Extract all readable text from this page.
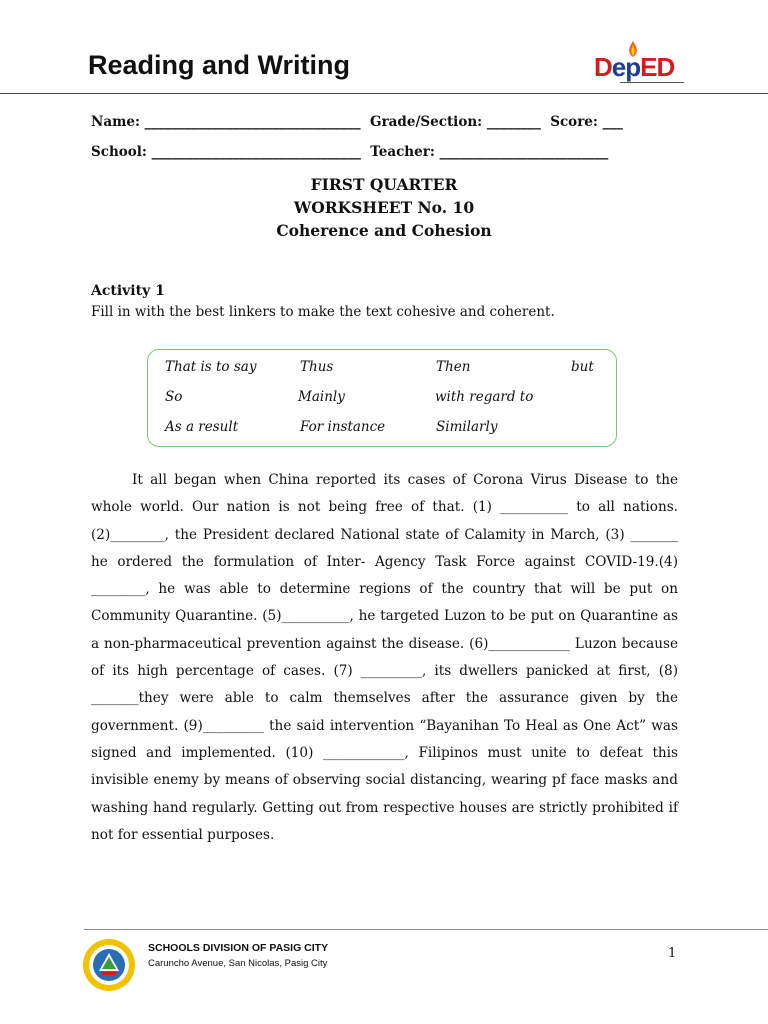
Reading and Writing	DepED
Name: ________________________________  Grade/Section: ________  Score: ___
School: _______________________________  Teacher: _________________________
FIRST QUARTER
WORKSHEET No. 10
Coherence and Cohesion
Activity 1
Fill in with the best linkers to make the text cohesive and coherent.
That is to say	Thus	Then	but
So	Mainly	with regard to
As a result	For instance	Similarly

It all began when China reported its cases of Corona Virus Disease to the whole world. Our nation is not being free of that. (1) __________ to all nations. (2)________, the President declared National state of Calamity in March, (3) _______ he ordered the formulation of Inter- Agency Task Force against COVID-19.(4) ________, he was able to determine regions of the country that will be put on Community Quarantine. (5)__________, he targeted Luzon to be put on Quarantine as a non-pharmaceutical prevention against the disease. (6)____________ Luzon because of its high percentage of cases. (7) _________, its dwellers panicked at first, (8) _______they were able to calm themselves after the assurance given by the government. (9)_________ the said intervention “Bayanihan To Heal as One Act” was signed and implemented. (10) ____________, Filipinos must unite to defeat this invisible enemy by means of observing social distancing, wearing pf face masks and washing hand regularly. Getting out from respective houses are strictly prohibited if not for essential purposes.

SCHOOLS DIVISION OF PASIG CITY
Caruncho Avenue, San Nicolas, Pasig City
1
